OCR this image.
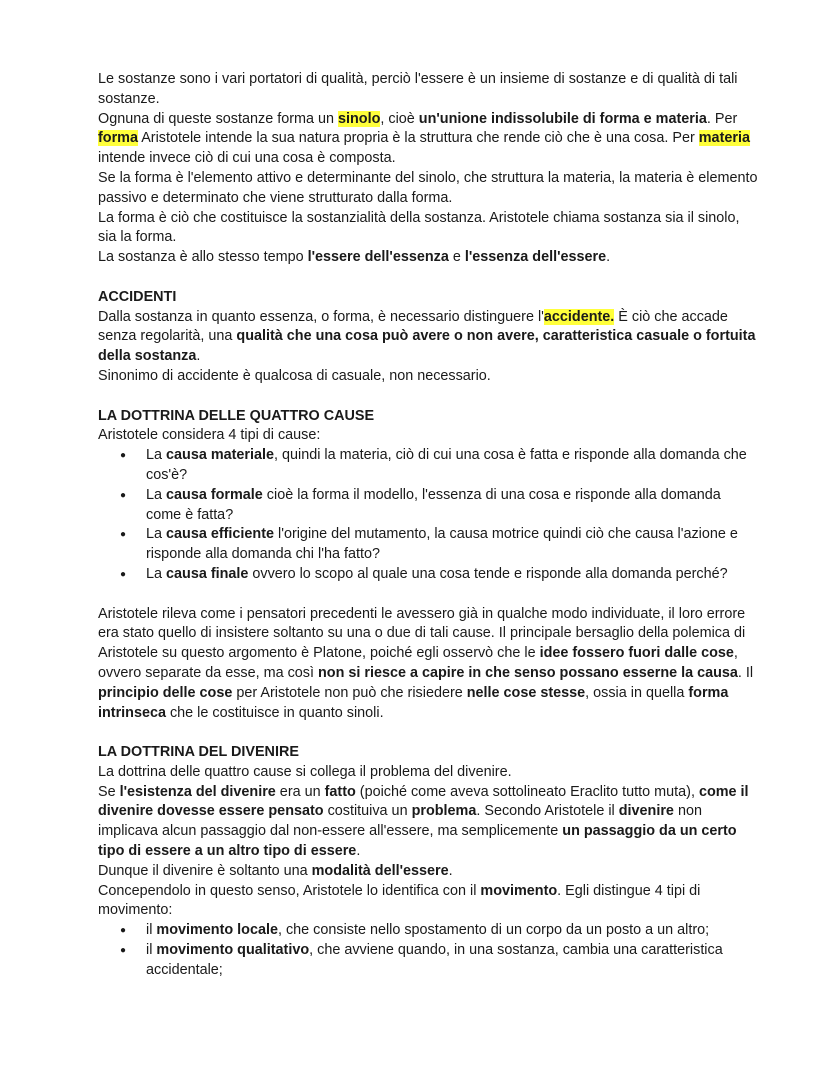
Le sostanze sono i vari portatori di qualità, perciò l'essere è un insieme di sostanze e di qualità di tali sostanze.

Ognuna di queste sostanze forma un sinolo, cioè un'unione indissolubile di forma e materia. Per forma Aristotele intende la sua natura propria è la struttura che rende ciò che è una cosa. Per materia intende invece ciò di cui una cosa è composta.

Se la forma è l'elemento attivo e determinante del sinolo, che struttura la materia, la materia è elemento passivo e determinato che viene strutturato dalla forma.

La forma è ciò che costituisce la sostanzialità della sostanza. Aristotele chiama sostanza sia il sinolo, sia la forma.

La sostanza è allo stesso tempo l'essere dell'essenza e l'essenza dell'essere.

ACCIDENTI

Dalla sostanza in quanto essenza, o forma, è necessario distinguere l'accidente. È ciò che accade senza regolarità, una qualità che una cosa può avere o non avere, caratteristica casuale o fortuita della sostanza.

Sinonimo di accidente è qualcosa di casuale, non necessario.

LA DOTTRINA DELLE QUATTRO CAUSE

Aristotele considera 4 tipi di cause:

● La causa materiale, quindi la materia, ciò di cui una cosa è fatta e risponde alla domanda che cos'è?
● La causa formale cioè la forma il modello, l'essenza di una cosa e risponde alla domanda come è fatta?
● La causa efficiente l'origine del mutamento, la causa motrice quindi ciò che causa l'azione e risponde alla domanda chi l'ha fatto?
● La causa finale ovvero lo scopo al quale una cosa tende e risponde alla domanda perché?

Aristotele rileva come i pensatori precedenti le avessero già in qualche modo individuate, il loro errore era stato quello di insistere soltanto su una o due di tali cause. Il principale bersaglio della polemica di Aristotele su questo argomento è Platone, poiché egli osservò che le idee fossero fuori dalle cose, ovvero separate da esse, ma così non si riesce a capire in che senso possano esserne la causa. Il principio delle cose per Aristotele non può che risiedere nelle cose stesse, ossia in quella forma intrinseca che le costituisce in quanto sinoli.

LA DOTTRINA DEL DIVENIRE

La dottrina delle quattro cause si collega il problema del divenire.

Se l'esistenza del divenire era un fatto (poiché come aveva sottolineato Eraclito tutto muta), come il divenire dovesse essere pensato costituiva un problema. Secondo Aristotele il divenire non implicava alcun passaggio dal non-essere all'essere, ma semplicemente un passaggio da un certo tipo di essere a un altro tipo di essere.

Dunque il divenire è soltanto una modalità dell'essere.

Concependolo in questo senso, Aristotele lo identifica con il movimento. Egli distingue 4 tipi di movimento:

● il movimento locale, che consiste nello spostamento di un corpo da un posto a un altro;
● il movimento qualitativo, che avviene quando, in una sostanza, cambia una caratteristica accidentale;
